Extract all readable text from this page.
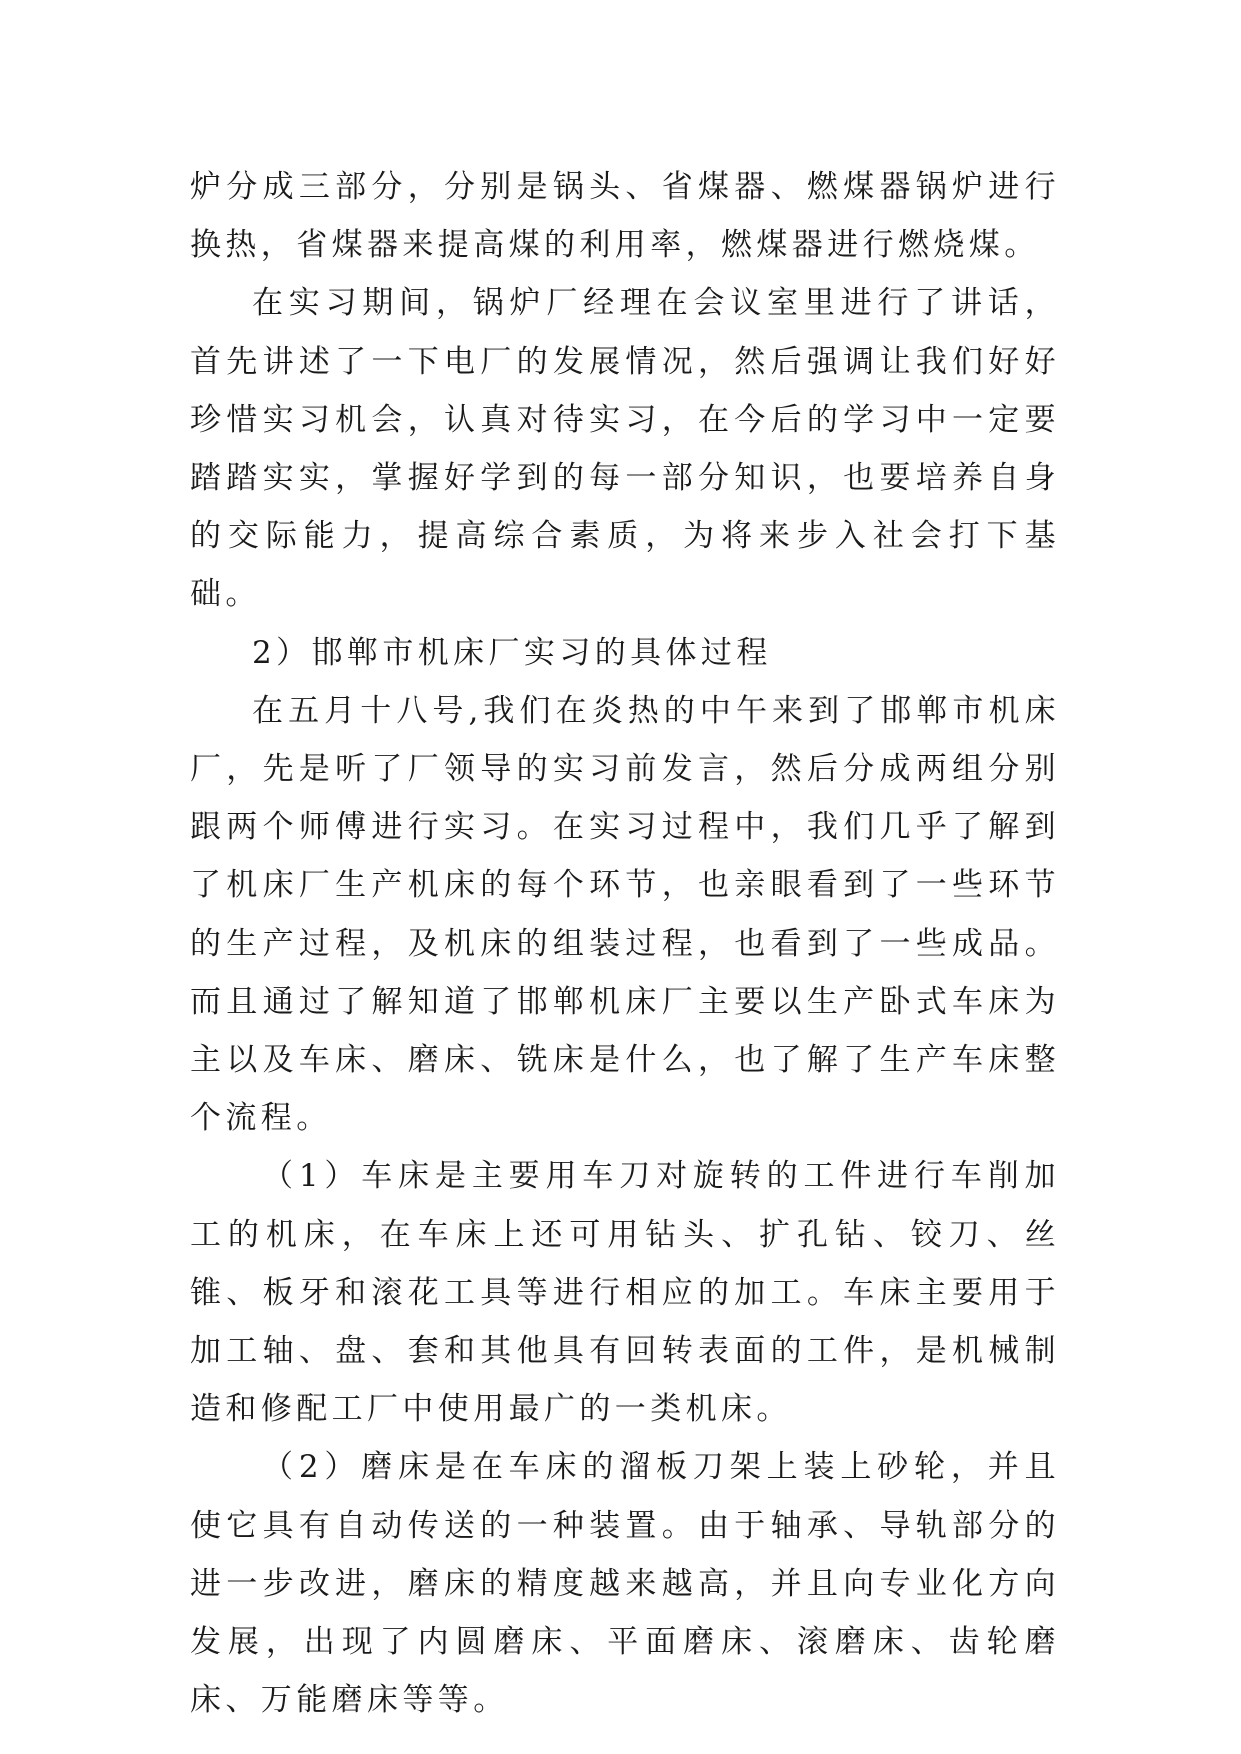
炉分成三部分，分别是锅头、省煤器、燃煤器锅炉进行换热，省煤器来提高煤的利用率，燃煤器进行燃烧煤。

在实习期间，锅炉厂经理在会议室里进行了讲话，首先讲述了一下电厂的发展情况，然后强调让我们好好珍惜实习机会，认真对待实习，在今后的学习中一定要踏踏实实，掌握好学到的每一部分知识，也要培养自身的交际能力，提高综合素质，为将来步入社会打下基础。

2）邯郸市机床厂实习的具体过程

在五月十八号,我们在炎热的中午来到了邯郸市机床厂，先是听了厂领导的实习前发言，然后分成两组分别跟两个师傅进行实习。在实习过程中，我们几乎了解到了机床厂生产机床的每个环节，也亲眼看到了一些环节的生产过程，及机床的组装过程，也看到了一些成品。而且通过了解知道了邯郸机床厂主要以生产卧式车床为主以及车床、磨床、铣床是什么，也了解了生产车床整个流程。

（1）车床是主要用车刀对旋转的工件进行车削加工的机床，在车床上还可用钻头、扩孔钻、铰刀、丝锥、板牙和滚花工具等进行相应的加工。车床主要用于加工轴、盘、套和其他具有回转表面的工件，是机械制造和修配工厂中使用最广的一类机床。

（2）磨床是在车床的溜板刀架上装上砂轮，并且使它具有自动传送的一种装置。由于轴承、导轨部分的进一步改进，磨床的精度越来越高，并且向专业化方向发展，出现了内圆磨床、平面磨床、滚磨床、齿轮磨床、万能磨床等等。
